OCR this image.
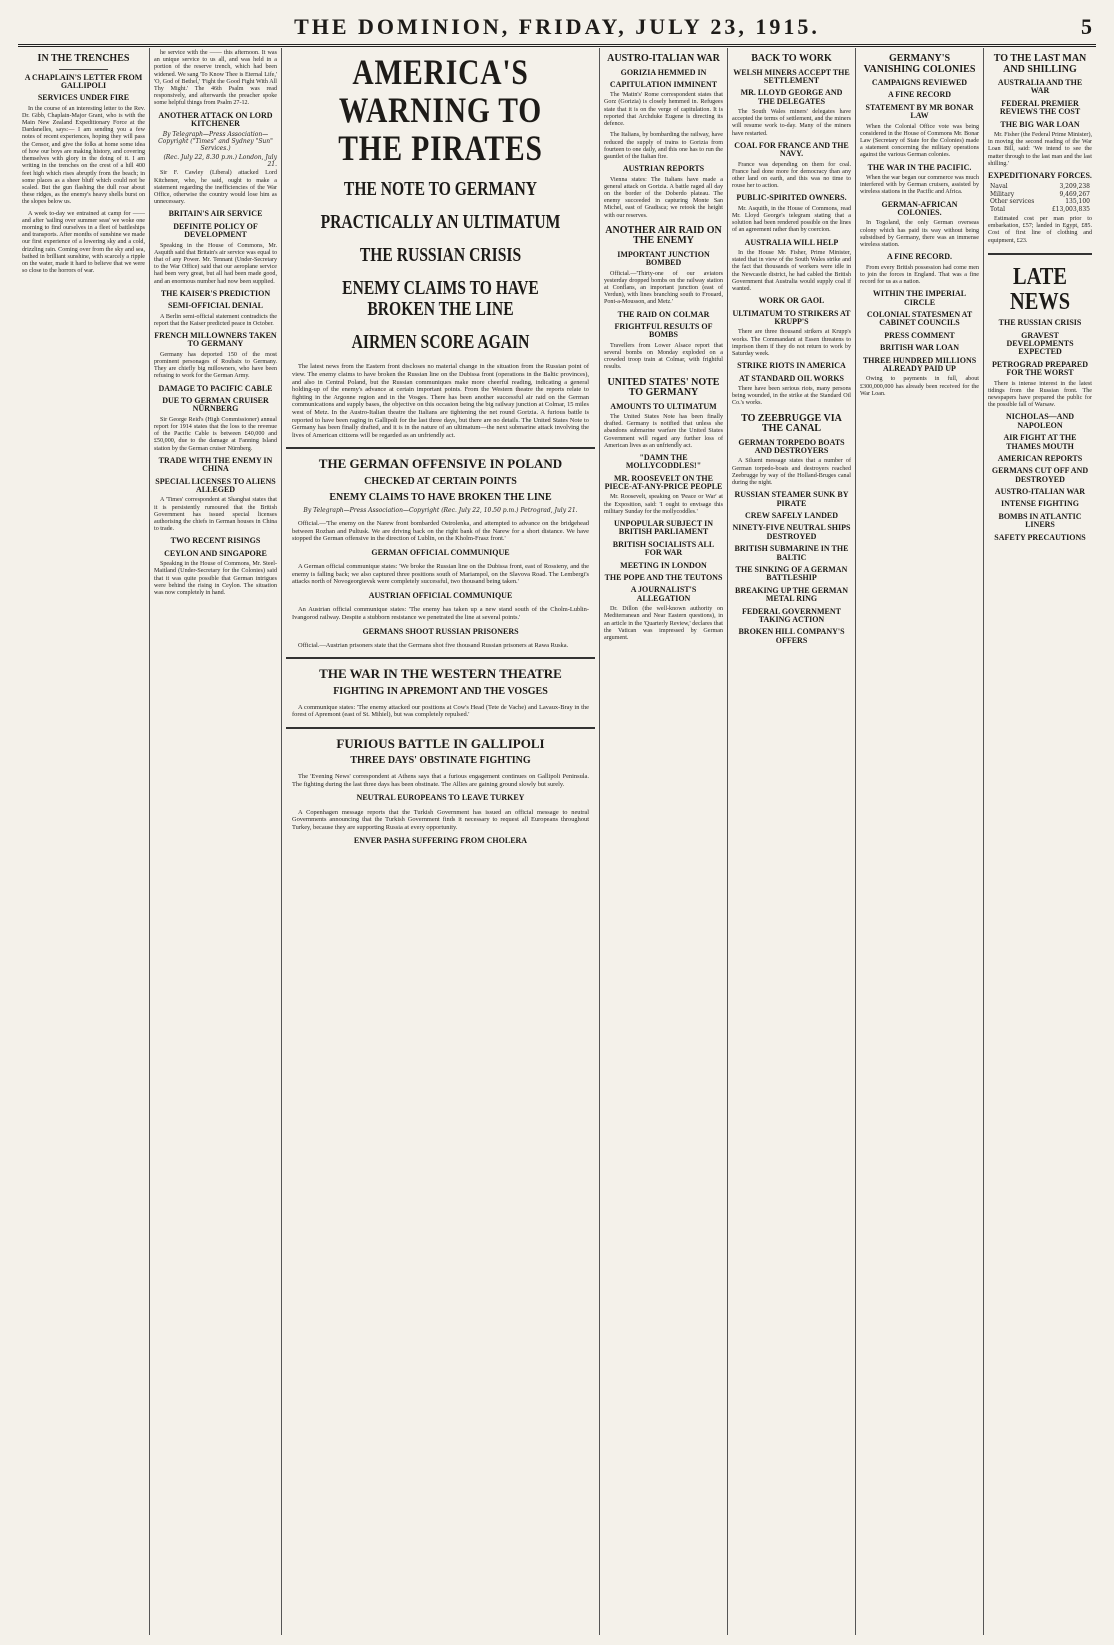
THE DOMINION, FRIDAY, JULY 23, 1915.	5
IN THE TRENCHES
A CHAPLAIN'S LETTER FROM GALLIPOLI
SERVICES UNDER FIRE

In the course of an interesting letter to the Rev. Dr. Gibb, Chaplain-Major Grant, who is with the Main New Zealand Expeditionary Force at the Dardanelles, says:— I am sending you a few notes of recent experiences, hoping they will pass the Censor, and give the folks at home some idea of how our boys are making history, and covering themselves with glory in the doing of it. I am writing in the trenches on the crest of a hill 400 feet high which rises abruptly from the beach; in some places as a sheer bluff which could not be scaled. But the gun flashing the dull roar about these ridges, as the enemy's heavy shells burst on the slopes below us.

A week to-day we entrained at camp for —— and after 'sailing over summer seas' we woke one morning to find ourselves in a fleet of battleships and transports. After months of sunshine we made our first experience of a lowering sky and a cold, drizzling rain. Coming over from the sky and sea, bathed in brilliant sunshine, with scarcely a ripple on the water, made it hard to believe that we were so close to the horrors of war.

he service with the —— this afternoon. It was an unique service to us all, and was held in a portion of the reserve trench, which had been widened. We sang 'To Know Thee is Eternal Life,' 'O, God of Bethel,' 'Fight the Good Fight With All Thy Might.' The 46th Psalm was read responsively, and afterwards the preacher spoke some helpful things from Psalm 27-12.

ANOTHER ATTACK ON LORD KITCHENER
By Telegraph—Press Association—Copyright ("Times" and Sydney "Sun" Services.)
(Rec. July 22, 8.30 p.m.) London, July 21.

Sir F. Cawley (Liberal) attacked Lord Kitchener, who, he said, ought to make a statement regarding the inefficiencies of the War Office, otherwise the country would lose him as unnecessary.

BRITAIN'S AIR SERVICE
DEFINITE POLICY OF DEVELOPMENT

Speaking in the House of Commons, Mr. Asquith said that Britain's air service was equal to that of any Power. Mr. Tennant (Under-Secretary to the War Office) said that our aeroplane service had been very great, but all had been made good, and an enormous number had now been supplied.

THE KAISER'S PREDICTION
SEMI-OFFICIAL DENIAL

A Berlin semi-official statement contradicts the report that the Kaiser predicted peace in October.

FRENCH MILLOWNERS TAKEN TO GERMANY

Germany has deported 150 of the most prominent personages of Roubaix to Germany. They are chiefly big millowners, who have been refusing to work for the German Army.

DAMAGE TO PACIFIC CABLE
DUE TO GERMAN CRUISER NÜRNBERG

Sir George Reid's (High Commissioner) annual report for 1914 states that the loss to the revenue of the Pacific Cable is between £40,000 and £50,000, due to the damage at Fanning Island station by the German cruiser Nürnberg.

TRADE WITH THE ENEMY IN CHINA
SPECIAL LICENSES TO ALIENS ALLEGED

A 'Times' correspondent at Shanghai states that it is persistently rumoured that the British Government has issued special licenses authorising the chiefs in German houses in China to trade.

TWO RECENT RISINGS
CEYLON AND SINGAPORE

Speaking in the House of Commons, Mr. Steel-Maitland (Under-Secretary for the Colonies) said that it was quite possible that German intrigues were behind the rising in Ceylon. The situation was now completely in hand.

AMERICA'S WARNING TO THE PIRATES
THE NOTE TO GERMANY
PRACTICALLY AN ULTIMATUM
THE RUSSIAN CRISIS
ENEMY CLAIMS TO HAVE BROKEN THE LINE
AIRMEN SCORE AGAIN

The latest news from the Eastern front discloses no material change in the situation from the Russian point of view. The enemy claims to have broken the Russian line on the Dubissa front (operations in the Baltic provinces), and also in Central Poland, but the Russian communiques make more cheerful reading, indicating a general holding-up of the enemy's advance at certain important points. From the Western theatre the reports relate to fighting in the Argonne region and in the Vosges. There has been another successful air raid on the German communications and supply bases, the objective on this occasion being the big railway junction at Colmar, 15 miles west of Metz. In the Austro-Italian theatre the Italians are tightening the net round Gorizia. A furious battle is reported to have been raging in Gallipoli for the last three days, but there are no details. The United States Note to Germany has been finally drafted, and it is in the nature of an ultimatum—the next submarine attack involving the lives of American citizens will be regarded as an unfriendly act.

THE GERMAN OFFENSIVE IN POLAND
CHECKED AT CERTAIN POINTS
ENEMY CLAIMS TO HAVE BROKEN THE LINE
By Telegraph—Press Association—Copyright (Rec. July 22, 10.50 p.m.) Petrograd, July 21.

Official.—'The enemy on the Narew front bombarded Ostrolenka, and attempted to advance on the bridgehead between Rozhan and Pultusk. We are driving back on the right bank of the Narew for a short distance. We have stopped the German offensive in the direction of Lublin, on the Kholm-Frasz front.'

GERMAN OFFICIAL COMMUNIQUE

A German official communique states: 'We broke the Russian line on the Dubissa front, east of Rossieny, and the enemy is falling back; we also captured three positions south of Mariampol, on the Slavova Road. The Lembergi's attacks north of Novogeorgievsk were completely successful, two thousand being taken.'

AUSTRIAN OFFICIAL COMMUNIQUE

An Austrian official communique states: 'The enemy has taken up a new stand south of the Cholm-Lublin-Ivangorod railway. Despite a stubborn resistance we penetrated the line at several points.'

GERMANS SHOOT RUSSIAN PRISONERS

Official.—Austrian prisoners state that the Germans shot five thousand Russian prisoners at Rawa Ruska.

THE WAR IN THE WESTERN THEATRE
FIGHTING IN APREMONT AND THE VOSGES

A communique states: 'The enemy attacked our positions at Cow's Head (Tete de Vache) and Lavaux-Bray in the forest of Apremont (east of St. Mihiel), but was completely repulsed.'

FURIOUS BATTLE IN GALLIPOLI
THREE DAYS' OBSTINATE FIGHTING

The 'Evening News' correspondent at Athens says that a furious engagement continues on Gallipoli Peninsula. The fighting during the last three days has been obstinate. The Allies are gaining ground slowly but surely.

NEUTRAL EUROPEANS TO LEAVE TURKEY

A Copenhagen message reports that the Turkish Government has issued an official message to neutral Governments announcing that the Turkish Government finds it necessary to request all Europeans throughout Turkey, because they are supporting Russia at every opportunity.

ENVER PASHA SUFFERING FROM CHOLERA
AUSTRO-ITALIAN WAR
GORIZIA HEMMED IN
CAPITULATION IMMINENT

The 'Matin's' Rome correspondent states that Gorz (Gorizia) is closely hemmed in. Refugees state that it is on the verge of capitulation. It is reported that Archduke Eugene is directing its defence.

The Italians, by bombarding the railway, have reduced the supply of trains to Gorizia from fourteen to one daily, and this one has to run the gauntlet of the Italian fire.

AUSTRIAN REPORTS

Vienna states: The Italians have made a general attack on Gorizia. A battle raged all day on the border of the Doberdo plateau. The enemy succeeded in capturing Monte San Michel, east of Gradisca; we retook the height with our reserves.

ANOTHER AIR RAID ON THE ENEMY
IMPORTANT JUNCTION BOMBED

Official.—'Thirty-one of our aviators yesterday dropped bombs on the railway station at Conflans, an important junction (east of Verdun), with lines branching south to Frouard, Pont-a-Mousson, and Metz.'

THE RAID ON COLMAR
FRIGHTFUL RESULTS OF BOMBS

Travellers from Lower Alsace report that several bombs on Monday exploded on a crowded troop train at Colmar, with frightful results.

UNITED STATES' NOTE TO GERMANY
AMOUNTS TO ULTIMATUM

The United States Note has been finally drafted. Germany is notified that unless she abandons submarine warfare the United States Government will regard any further loss of American lives as an unfriendly act.

"DAMN THE MOLLYCODDLES!"
MR. ROOSEVELT ON THE PIECE-AT-ANY-PRICE PEOPLE

Mr. Roosevelt, speaking on 'Peace or War' at the Exposition, said: 'I ought to envisage this military Sunday for the mollycoddles.'

UNPOPULAR SUBJECT IN BRITISH PARLIAMENT
BRITISH SOCIALISTS ALL FOR WAR
MEETING IN LONDON
THE POPE AND THE TEUTONS
A JOURNALIST'S ALLEGATION

Dr. Dillon (the well-known authority on Mediterranean and Near Eastern questions), in an article in the 'Quarterly Review,' declares that the Vatican was impressed by German argument.

BACK TO WORK
WELSH MINERS ACCEPT THE SETTLEMENT
MR. LLOYD GEORGE AND THE DELEGATES

The South Wales miners' delegates have accepted the terms of settlement, and the miners will resume work to-day. Many of the miners have restarted.

COAL FOR FRANCE AND THE NAVY.

France was depending on them for coal. France had done more for democracy than any other land on earth, and this was no time to rouse her to action.

PUBLIC-SPIRITED OWNERS.

Mr. Asquith, in the House of Commons, read Mr. Lloyd George's telegram stating that a solution had been rendered possible on the lines of an agreement rather than by coercion.

AUSTRALIA WILL HELP

In the House Mr. Fisher, Prime Minister, stated that in view of the South Wales strike and the fact that thousands of workers were idle in the Newcastle district, he had cabled the British Government that Australia would supply coal if wanted.

WORK OR GAOL
ULTIMATUM TO STRIKERS AT KRUPP'S

There are three thousand strikers at Krupp's works. The Commandant at Essen threatens to imprison them if they do not return to work by Saturday week.

STRIKE RIOTS IN AMERICA
AT STANDARD OIL WORKS

There have been serious riots, many persons being wounded, in the strike at the Standard Oil Co.'s works.

TO ZEEBRUGGE VIA THE CANAL
GERMAN TORPEDO BOATS AND DESTROYERS

A Siluent message states that a number of German torpedo-boats and destroyers reached Zeebrugge by way of the Holland-Bruges canal during the night.

RUSSIAN STEAMER SUNK BY PIRATE
CREW SAFELY LANDED
NINETY-FIVE NEUTRAL SHIPS DESTROYED
BRITISH SUBMARINE IN THE BALTIC
THE SINKING OF A GERMAN BATTLESHIP
BREAKING UP THE GERMAN METAL RING
FEDERAL GOVERNMENT TAKING ACTION
BROKEN HILL COMPANY'S OFFERS
GERMANY'S VANISHING COLONIES
CAMPAIGNS REVIEWED
A FINE RECORD
STATEMENT BY MR BONAR LAW

When the Colonial Office vote was being considered in the House of Commons Mr. Bonar Law (Secretary of State for the Colonies) made a statement concerning the military operations against the various German colonies.

THE WAR IN THE PACIFIC.

When the war began our commerce was much interfered with by German cruisers, assisted by wireless stations in the Pacific and Africa.

GERMAN-AFRICAN COLONIES.

In Togoland, the only German overseas colony which has paid its way without being subsidised by Germany, there was an immense wireless station.

A FINE RECORD.

From every British possession had come men to join the forces in England. That was a fine record for us as a nation.

WITHIN THE IMPERIAL CIRCLE
COLONIAL STATESMEN AT CABINET COUNCILS
PRESS COMMENT
BRITISH WAR LOAN
THREE HUNDRED MILLIONS ALREADY PAID UP

Owing to payments in full, about £300,000,000 has already been received for the War Loan.

TO THE LAST MAN AND SHILLING
AUSTRALIA AND THE WAR
FEDERAL PREMIER REVIEWS THE COST
THE BIG WAR LOAN

Mr. Fisher (the Federal Prime Minister), in moving the second reading of the War Loan Bill, said: 'We intend to see the matter through to the last man and the last shilling.'

EXPEDITIONARY FORCES.
Naval	3,209,238
Military	9,469,267
Other services	135,100
Total	£13,003,835

Estimated cost per man prior to embarkation, £57; landed in Egypt, £85. Cost of first line of clothing and equipment, £23.

LATE NEWS
THE RUSSIAN CRISIS
GRAVEST DEVELOPMENTS EXPECTED
PETROGRAD PREPARED FOR THE WORST

There is intense interest in the latest tidings from the Russian front. The newspapers have prepared the public for the possible fall of Warsaw.

NICHOLAS—AND NAPOLEON
AIR FIGHT AT THE THAMES MOUTH
AMERICAN REPORTS
GERMANS CUT OFF AND DESTROYED
AUSTRO-ITALIAN WAR
INTENSE FIGHTING
BOMBS IN ATLANTIC LINERS
SAFETY PRECAUTIONS
